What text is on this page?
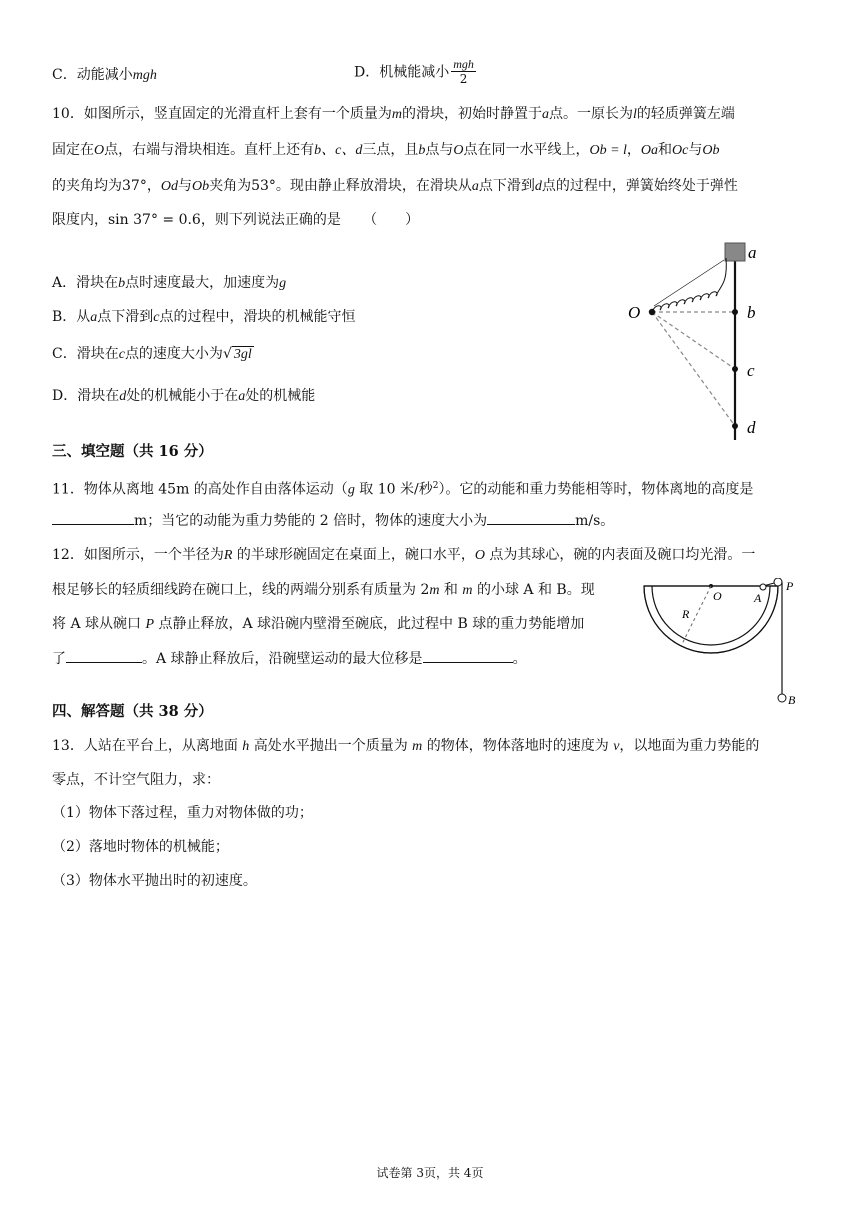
C．动能减小mgh	D．机械能减小 $\frac{\text{mgh}}{2}$
10．如图所示，竖直固定的光滑直杆上套有一个质量为m的滑块，初始时静置于a点。一原长为l的轻质弹簧左端
固定在O点，右端与滑块相连。直杆上还有b、c、d三点，且b点与O点在同一水平线上，Ob = l，Oa和Oc与Ob
的夹角均为37°，Od与Ob夹角为53°。现由静止释放滑块，在滑块从a点下滑到d点的过程中，弹簧始终处于弹性
限度内，sin 37° = 0.6，则下列说法正确的是 （　　）
A．滑块在b点时速度最大，加速度为g
B．从a点下滑到c点的过程中，滑块的机械能守恒
C．滑块在c点的速度大小为√ 3gl
D．滑块在d处的机械能小于在a处的机械能
a
b
c
d
O
三、填空题（共 16 分）
11．物体从离地 45m 的高处作自由落体运动（g 取 10 米/秒$^2$）。它的动能和重力势能相等时，物体离地的高度是
m；当它的动能为重力势能的 2 倍时，物体的速度大小为	m/s。
12．如图所示，一个半径为R 的半球形碗固定在桌面上，碗口水平，O 点为其球心，碗的内表面及碗口均光滑。一
根足够长的轻质细线跨在碗口上，线的两端分别系有质量为 2m 和 m 的小球 A 和 B。现
将 A 球从碗口 P 点静止释放，A 球沿碗内壁滑至碗底，此过程中 B 球的重力势能增加
了	。A 球静止释放后，沿碗壁运动的最大位移是	。
O	A
P
R
B
四、解答题（共 38 分）
13．人站在平台上，从离地面 h 高处水平抛出一个质量为 m 的物体，物体落地时的速度为 v，以地面为重力势能的
零点，不计空气阻力，求：
（1）物体下落过程，重力对物体做的功；
（2）落地时物体的机械能；
（3）物体水平抛出时的初速度。
试卷第 3页，共 4页
